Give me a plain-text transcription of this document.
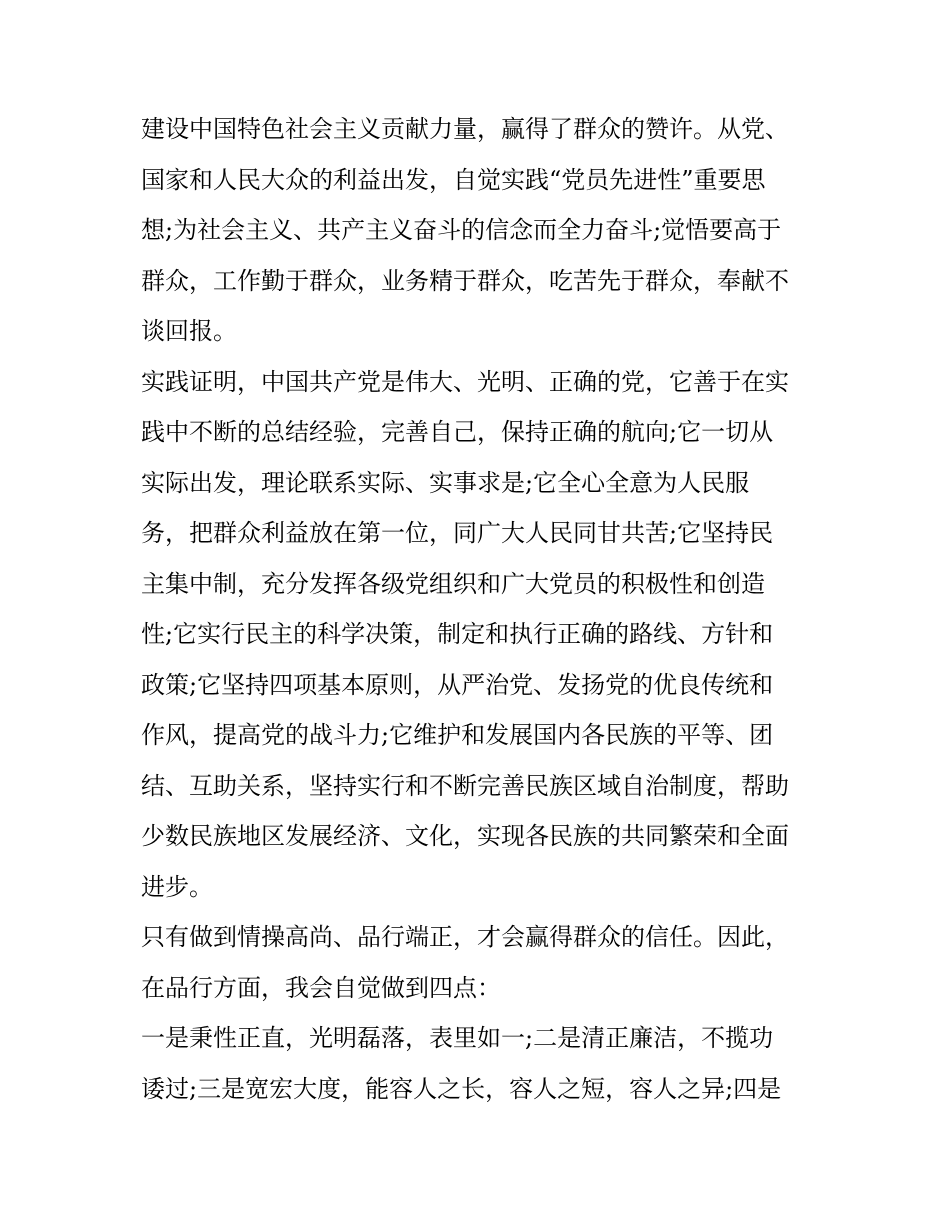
建设中国特色社会主义贡献力量，赢得了群众的赞许。从党、
国家和人民大众的利益出发，自觉实践“党员先进性”重要思
想;为社会主义、共产主义奋斗的信念而全力奋斗;觉悟要高于
群众，工作勤于群众，业务精于群众，吃苦先于群众，奉献不
谈回报。
实践证明，中国共产党是伟大、光明、正确的党，它善于在实
践中不断的总结经验，完善自己，保持正确的航向;它一切从
实际出发，理论联系实际、实事求是;它全心全意为人民服
务，把群众利益放在第一位，同广大人民同甘共苦;它坚持民
主集中制，充分发挥各级党组织和广大党员的积极性和创造
性;它实行民主的科学决策，制定和执行正确的路线、方针和
政策;它坚持四项基本原则，从严治党、发扬党的优良传统和
作风，提高党的战斗力;它维护和发展国内各民族的平等、团
结、互助关系，坚持实行和不断完善民族区域自治制度，帮助
少数民族地区发展经济、文化，实现各民族的共同繁荣和全面
进步。
只有做到情操高尚、品行端正，才会赢得群众的信任。因此，
在品行方面，我会自觉做到四点：
一是秉性正直，光明磊落，表里如一;二是清正廉洁，不揽功
诿过;三是宽宏大度，能容人之长，容人之短，容人之异;四是
